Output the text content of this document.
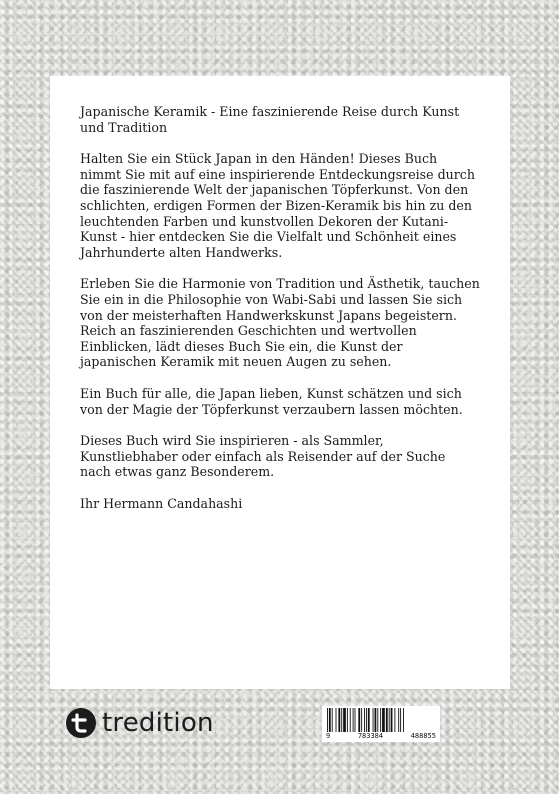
Japanische Keramik - Eine faszinierende Reise durch Kunst und Tradition

Halten Sie ein Stück Japan in den Händen! Dieses Buch nimmt Sie mit auf eine inspirierende Entdeckungsreise durch die faszinierende Welt der japanischen Töpferkunst. Von den schlichten, erdigen Formen der Bizen-Keramik bis hin zu den leuchtenden Farben und kunstvollen Dekoren der Kutani-Kunst - hier entdecken Sie die Vielfalt und Schönheit eines Jahrhunderte alten Handwerks.

Erleben Sie die Harmonie von Tradition und Ästhetik, tauchen Sie ein in die Philosophie von Wabi-Sabi und lassen Sie sich von der meisterhaften Handwerkskunst Japans begeistern. Reich an faszinierenden Geschichten und wertvollen Einblicken, lädt dieses Buch Sie ein, die Kunst der japanischen Keramik mit neuen Augen zu sehen.

Ein Buch für alle, die Japan lieben, Kunst schätzen und sich von der Magie der Töpferkunst verzaubern lassen möchten.

Dieses Buch wird Sie inspirieren - als Sammler, Kunstliebhaber oder einfach als Reisender auf der Suche nach etwas ganz Besonderem.

Ihr Hermann Candahashi

tredition	9	783384	488855
